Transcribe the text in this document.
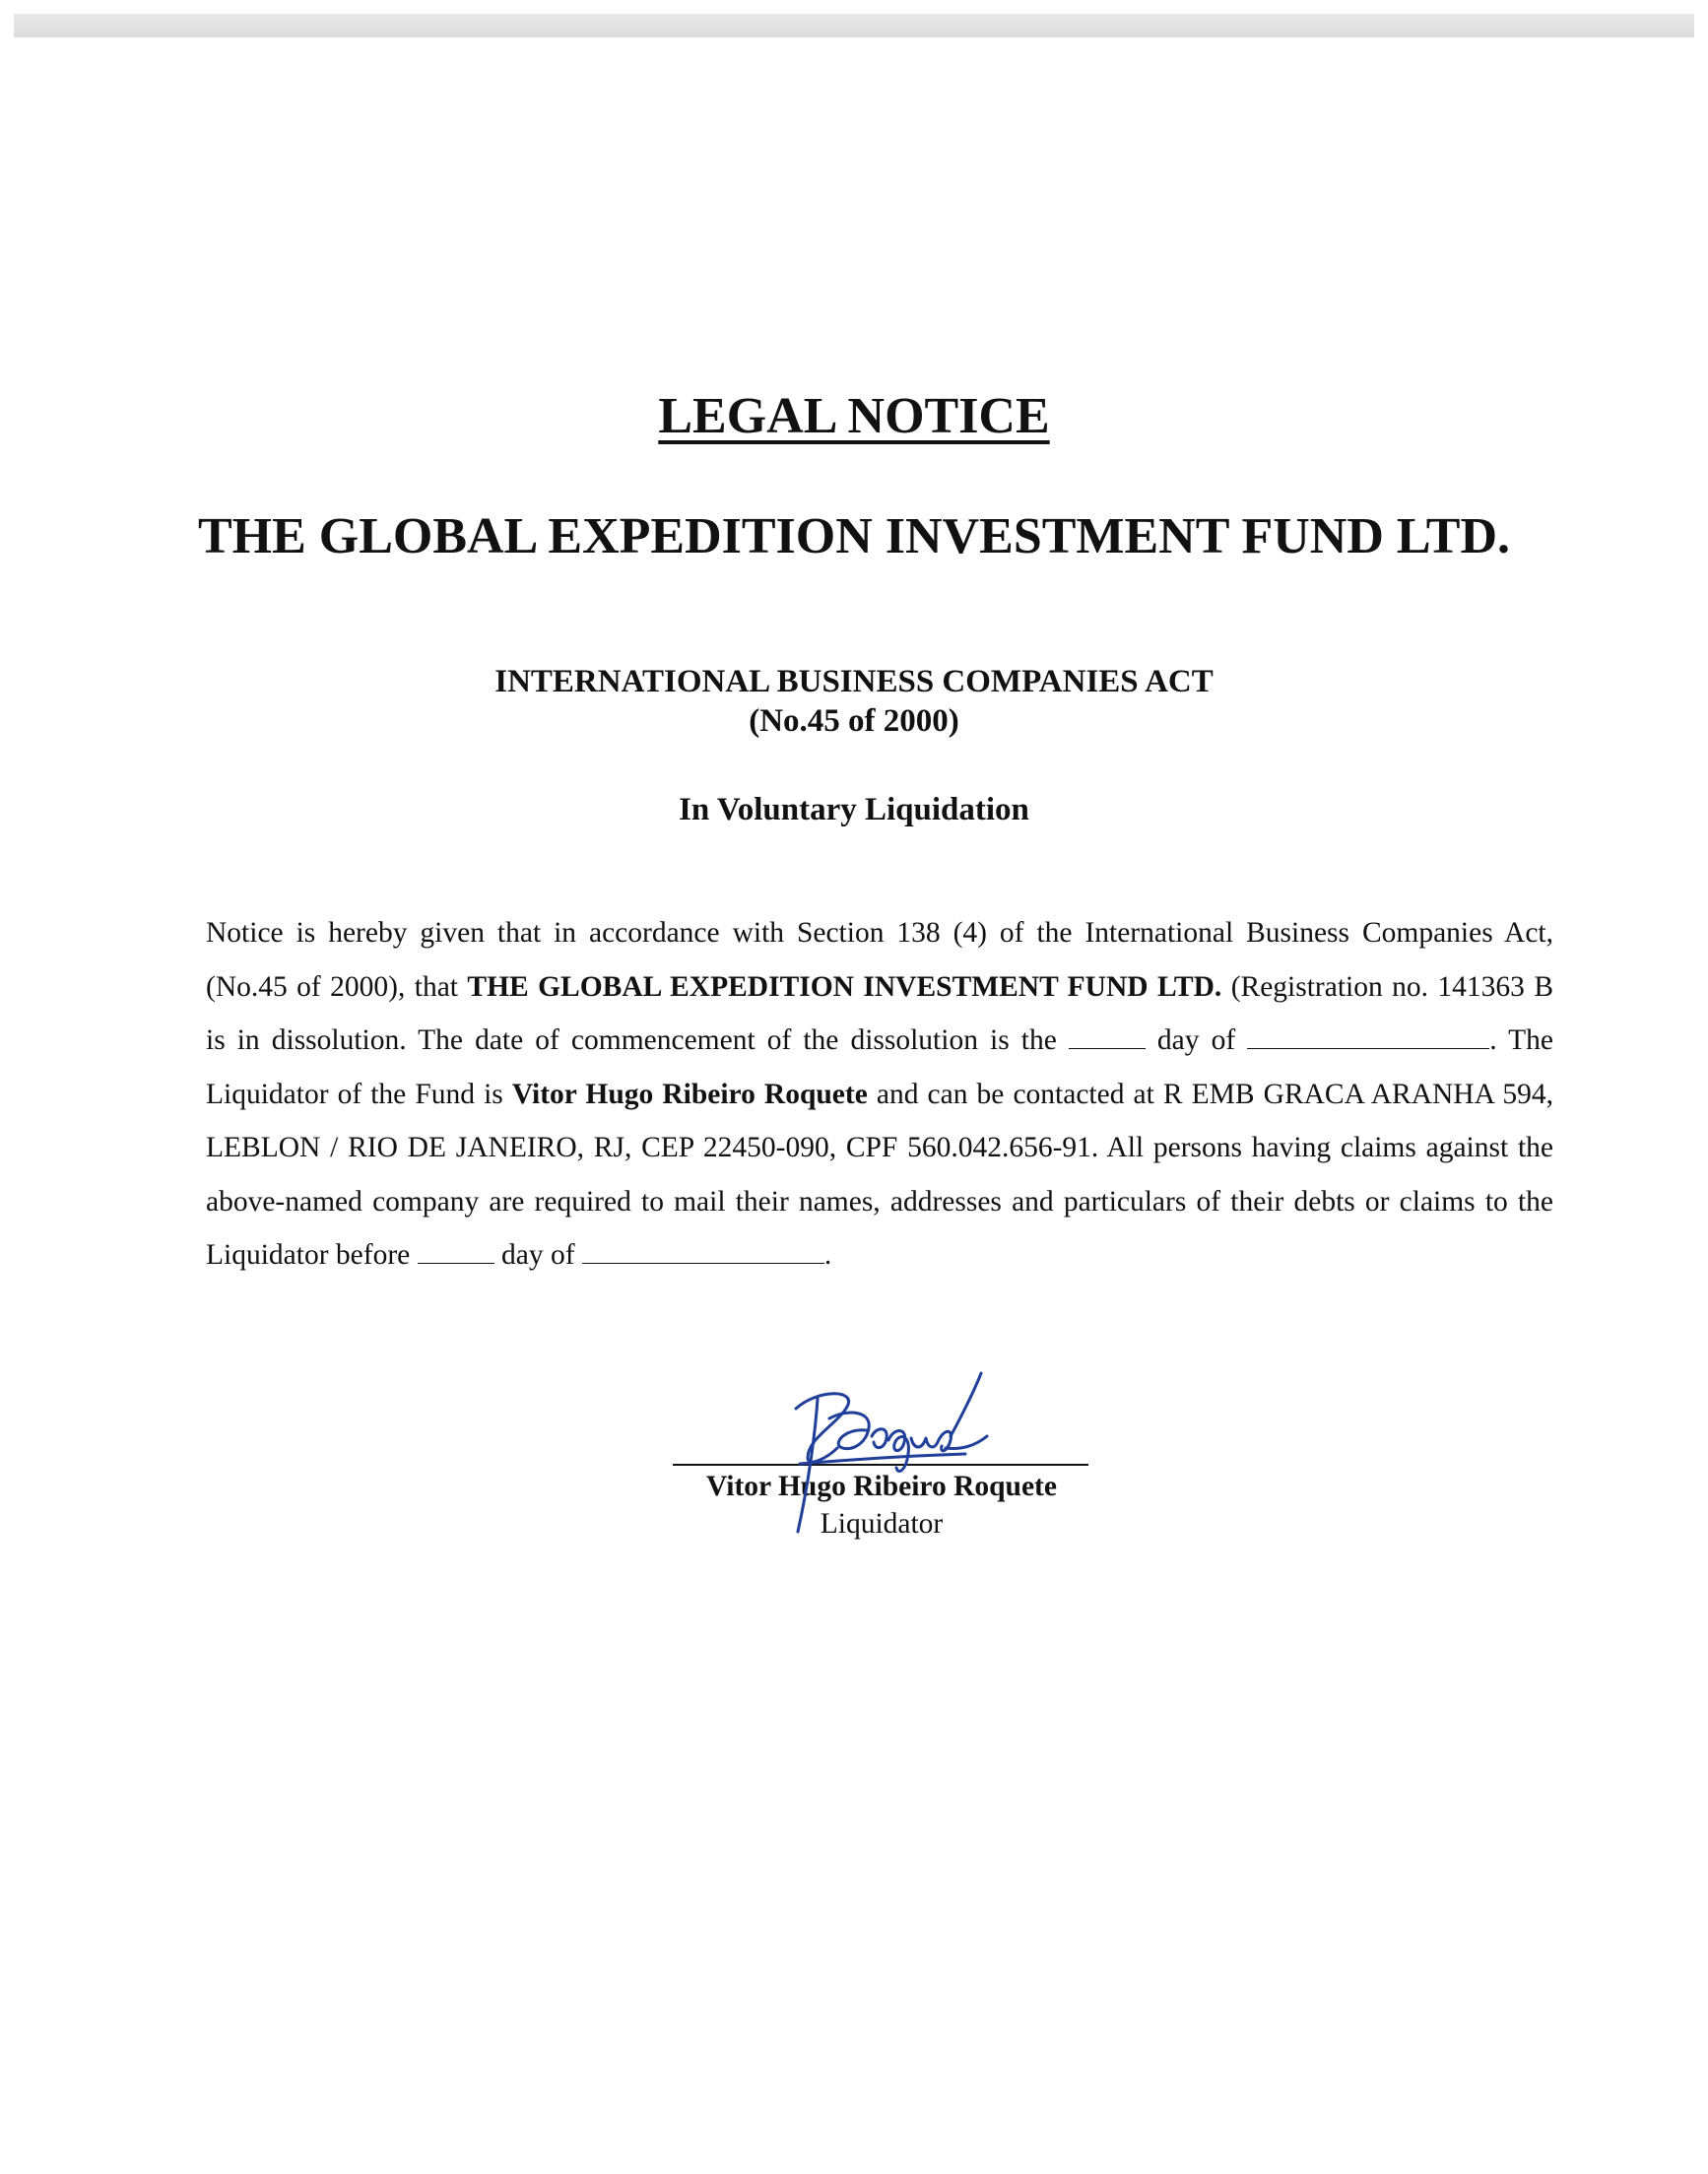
LEGAL NOTICE
THE GLOBAL EXPEDITION INVESTMENT FUND LTD.
INTERNATIONAL BUSINESS COMPANIES ACT
(No.45 of 2000)
In Voluntary Liquidation
Notice is hereby given that in accordance with Section 138 (4) of the International Business Companies Act, (No.45 of 2000), that THE GLOBAL EXPEDITION INVESTMENT FUND LTD. (Registration no. 141363 B is in dissolution. The date of commencement of the dissolution is the	day of	. The Liquidator of the Fund is Vitor Hugo Ribeiro Roquete and can be contacted at R EMB GRACA ARANHA 594, LEBLON / RIO DE JANEIRO, RJ, CEP 22450-090, CPF 560.042.656-91. All persons having claims against the above-named company are required to mail their names, addresses and particulars of their debts or claims to the Liquidator before	day of	.
Vitor Hugo Ribeiro Roquete
Liquidator
